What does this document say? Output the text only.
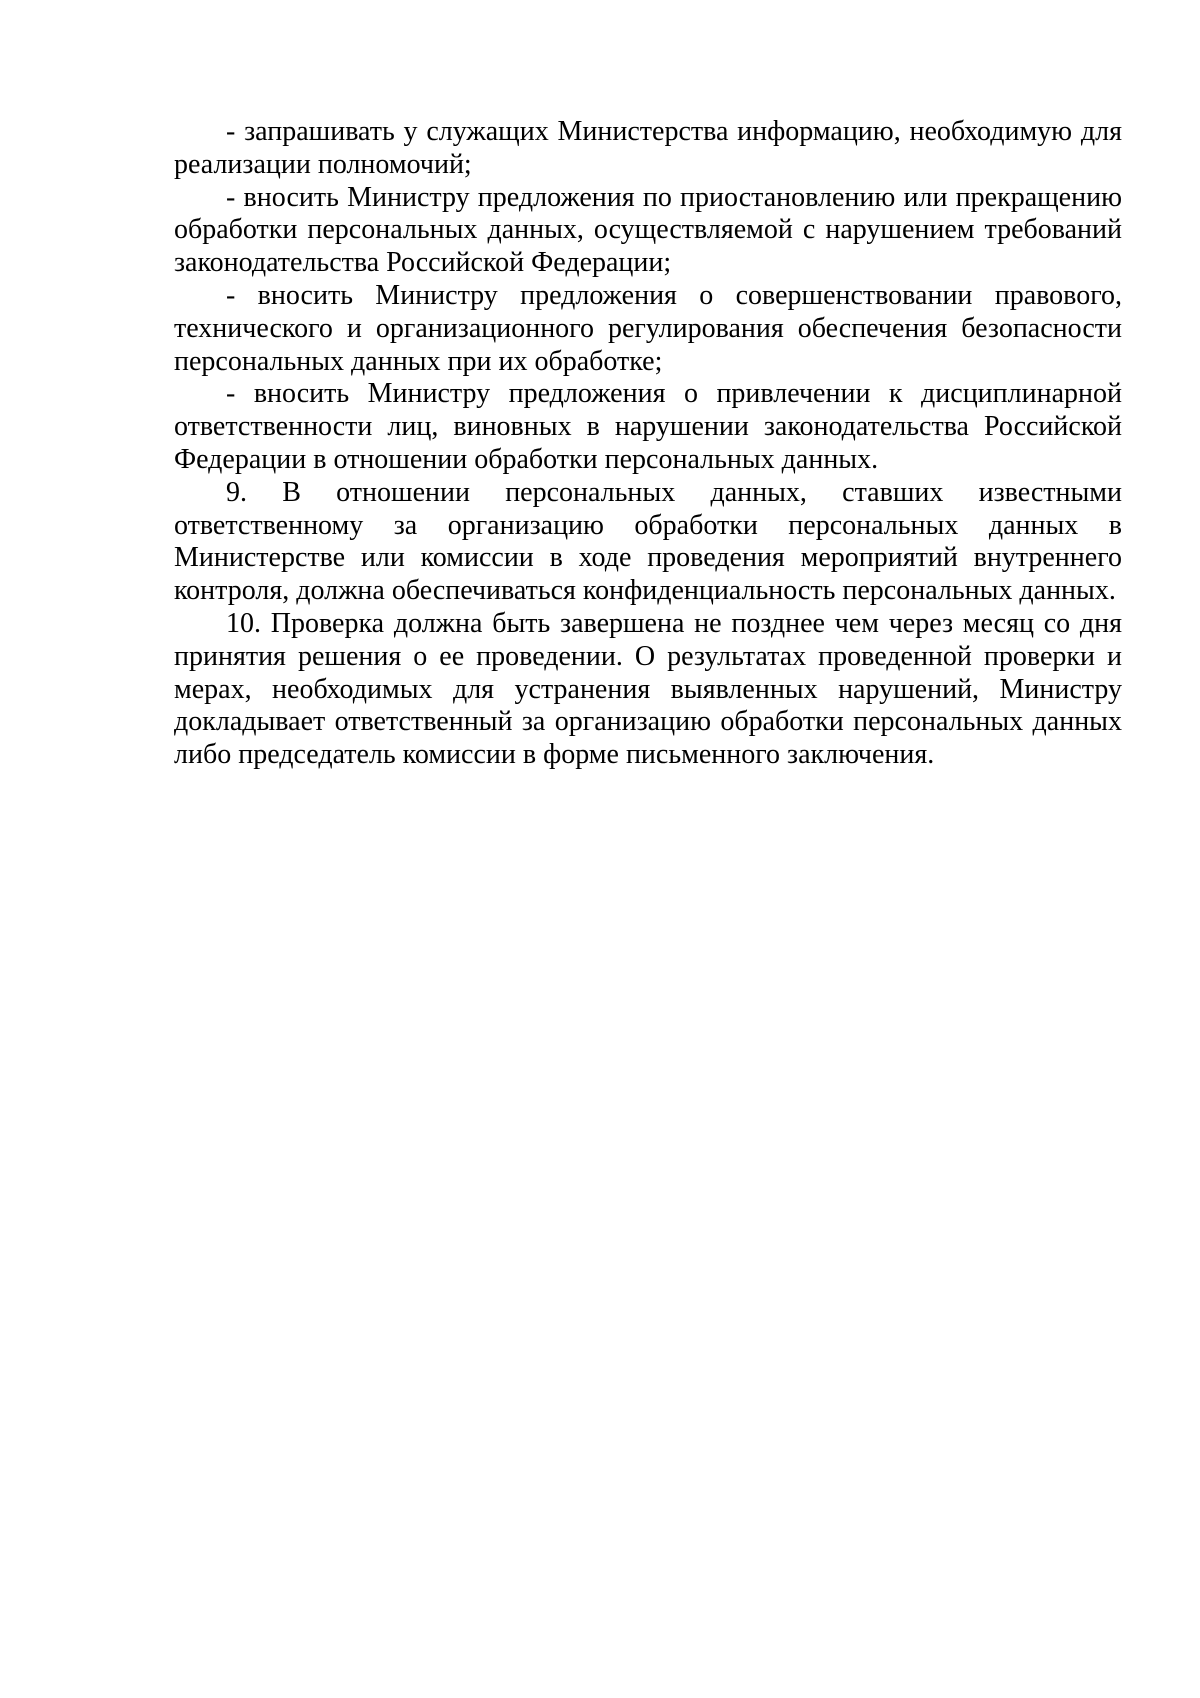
- запрашивать у служащих Министерства информацию, необходимую для реализации полномочий;

- вносить Министру предложения по приостановлению или прекращению обработки персональных данных, осуществляемой с нарушением требований законодательства Российской Федерации;

- вносить Министру предложения о совершенствовании правового, технического и организационного регулирования обеспечения безопасности персональных данных при их обработке;

- вносить Министру предложения о привлечении к дисциплинарной ответственности лиц, виновных в нарушении законодательства Российской Федерации в отношении обработки персональных данных.

9. В отношении персональных данных, ставших известными ответственному за организацию обработки персональных данных в Министерстве или комиссии в ходе проведения мероприятий внутреннего контроля, должна обеспечиваться конфиденциальность персональных данных.

10. Проверка должна быть завершена не позднее чем через месяц со дня принятия решения о ее проведении. О результатах проведенной проверки и мерах, необходимых для устранения выявленных нарушений, Министру докладывает ответственный за организацию обработки персональных данных либо председатель комиссии в форме письменного заключения.
